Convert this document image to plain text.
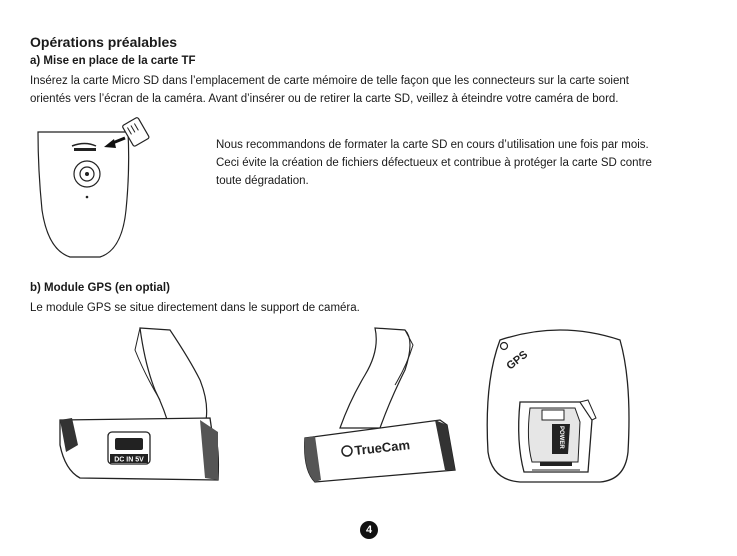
Opérations préalables
a) Mise en place de la carte TF
Insérez la carte Micro SD dans l’emplacement de carte mémoire de telle façon que les connecteurs sur la carte soient
orientés vers l’écran de la caméra. Avant d’insérer ou de retirer la carte SD, veillez à éteindre votre caméra de bord.
Nous recommandons de formater la carte SD en cours d’utilisation une fois par mois.
Ceci évite la création de fichiers défectueux et contribue à protéger la carte SD contre
toute dégradation.
b) Module GPS (en optial)
Le module GPS se situe directement dans le support de caméra.
DC IN 5V
TrueCam
GPS
POWER
4
